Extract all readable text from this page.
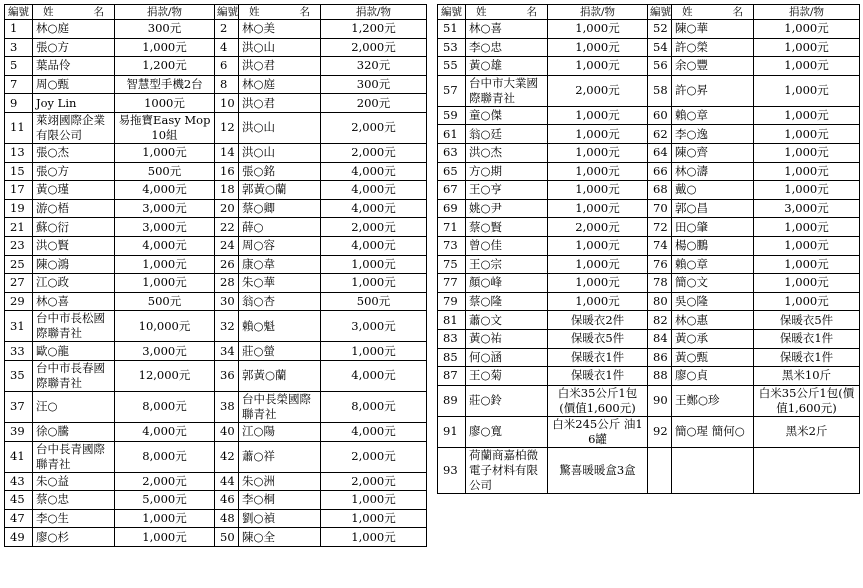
編號	姓 名	捐款/物	編號	姓 名	捐款/物
1	林○庭	300元	2	林○美	1,200元
3	張○方	1,000元	4	洪○山	2,000元
5	葉品伶	1,200元	6	洪○君	320元
7	周○甄	智慧型手機2台	8	林○庭	300元
9	Joy Lin	1000元	10	洪○君	200元
11	萊翊國際企業有限公司	易拖寶Easy Mop 10組	12	洪○山	2,000元
13	張○杰	1,000元	14	洪○山	2,000元
15	張○方	500元	16	張○銘	4,000元
17	黃○瑾	4,000元	18	郭黃○蘭	4,000元
19	游○梧	3,000元	20	蔡○卿	4,000元
21	蘇○衍	3,000元	22	薛○	2,000元
23	洪○賢	4,000元	24	周○容	4,000元
25	陳○鴻	1,000元	26	康○韋	1,000元
27	江○政	1,000元	28	朱○華	1,000元
29	林○喜	500元	30	翁○杏	500元
31	台中市長松國際聯青社	10,000元	32	賴○魁	3,000元
33	歐○龍	3,000元	34	莊○螢	1,000元
35	台中市長春國際聯青社	12,000元	36	郭黃○蘭	4,000元
37	汪○	8,000元	38	台中長榮國際聯青社	8,000元
39	徐○騰	4,000元	40	江○陽	4,000元
41	台中長青國際聯青社	8,000元	42	蕭○祥	2,000元
43	朱○益	2,000元	44	朱○洲	2,000元
45	蔡○忠	5,000元	46	李○桐	1,000元
47	李○生	1,000元	48	劉○禎	1,000元
49	廖○杉	1,000元	50	陳○全	1,000元
編號	姓 名	捐款/物	編號	姓 名	捐款/物
51	林○喜	1,000元	52	陳○華	1,000元
53	李○忠	1,000元	54	許○榮	1,000元
55	黃○雄	1,000元	56	余○豐	1,000元
57	台中市大業國際聯青社	2,000元	58	許○昇	1,000元
59	童○傑	1,000元	60	賴○章	1,000元
61	翁○廷	1,000元	62	李○逸	1,000元
63	洪○杰	1,000元	64	陳○齊	1,000元
65	方○期	1,000元	66	林○濤	1,000元
67	王○亨	1,000元	68	戴○	1,000元
69	姚○尹	1,000元	70	郭○昌	3,000元
71	蔡○賢	2,000元	72	田○肇	1,000元
73	曾○佳	1,000元	74	楊○鵬	1,000元
75	王○宗	1,000元	76	賴○章	1,000元
77	顏○峰	1,000元	78	簡○文	1,000元
79	蔡○隆	1,000元	80	吳○隆	1,000元
81	蕭○文	保暖衣2件	82	林○惠	保暖衣5件
83	黃○祐	保暖衣5件	84	黃○承	保暖衣1件
85	何○涵	保暖衣1件	86	黃○甄	保暖衣1件
87	王○菊	保暖衣1件	88	廖○貞	黑米10斤
89	莊○鈴	白米35公斤1包(價值1,600元)	90	王鄭○珍	白米35公斤1包(價值1,600元)
91	廖○寬	白米245公斤 油16罐	92	簡○瑆 簡何○	黑米2斤
93	荷蘭商嘉柏微電子材料有限公司	驚喜暖暖盒3盒			
